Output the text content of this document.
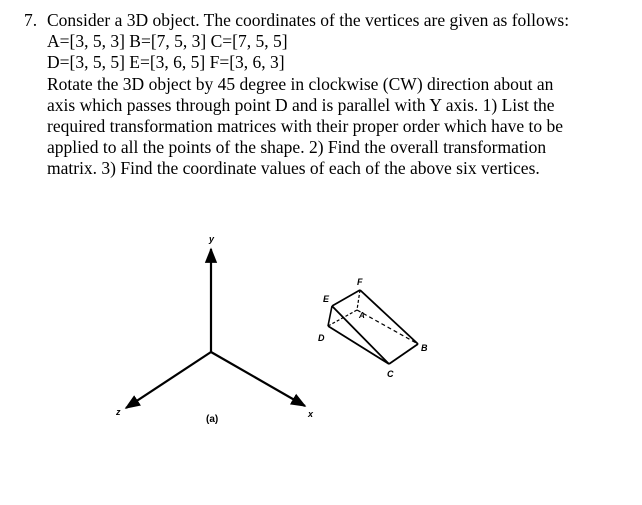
7. Consider a 3D object. The coordinates of the vertices are given as follows:
A=[3, 5, 3] B=[7, 5, 3] C=[7, 5, 5]
D=[3, 5, 5] E=[3, 6, 5] F=[3, 6, 3]
Rotate the 3D object by 45 degree in clockwise (CW) direction about an
axis which passes through point D and is parallel with Y axis. 1) List the
required transformation matrices with their proper order which have to be
applied to all the points of the shape. 2) Find the overall transformation
matrix. 3) Find the coordinate values of each of the above six vertices.
y
x
z
(a)
E
F
A
D
B
C
